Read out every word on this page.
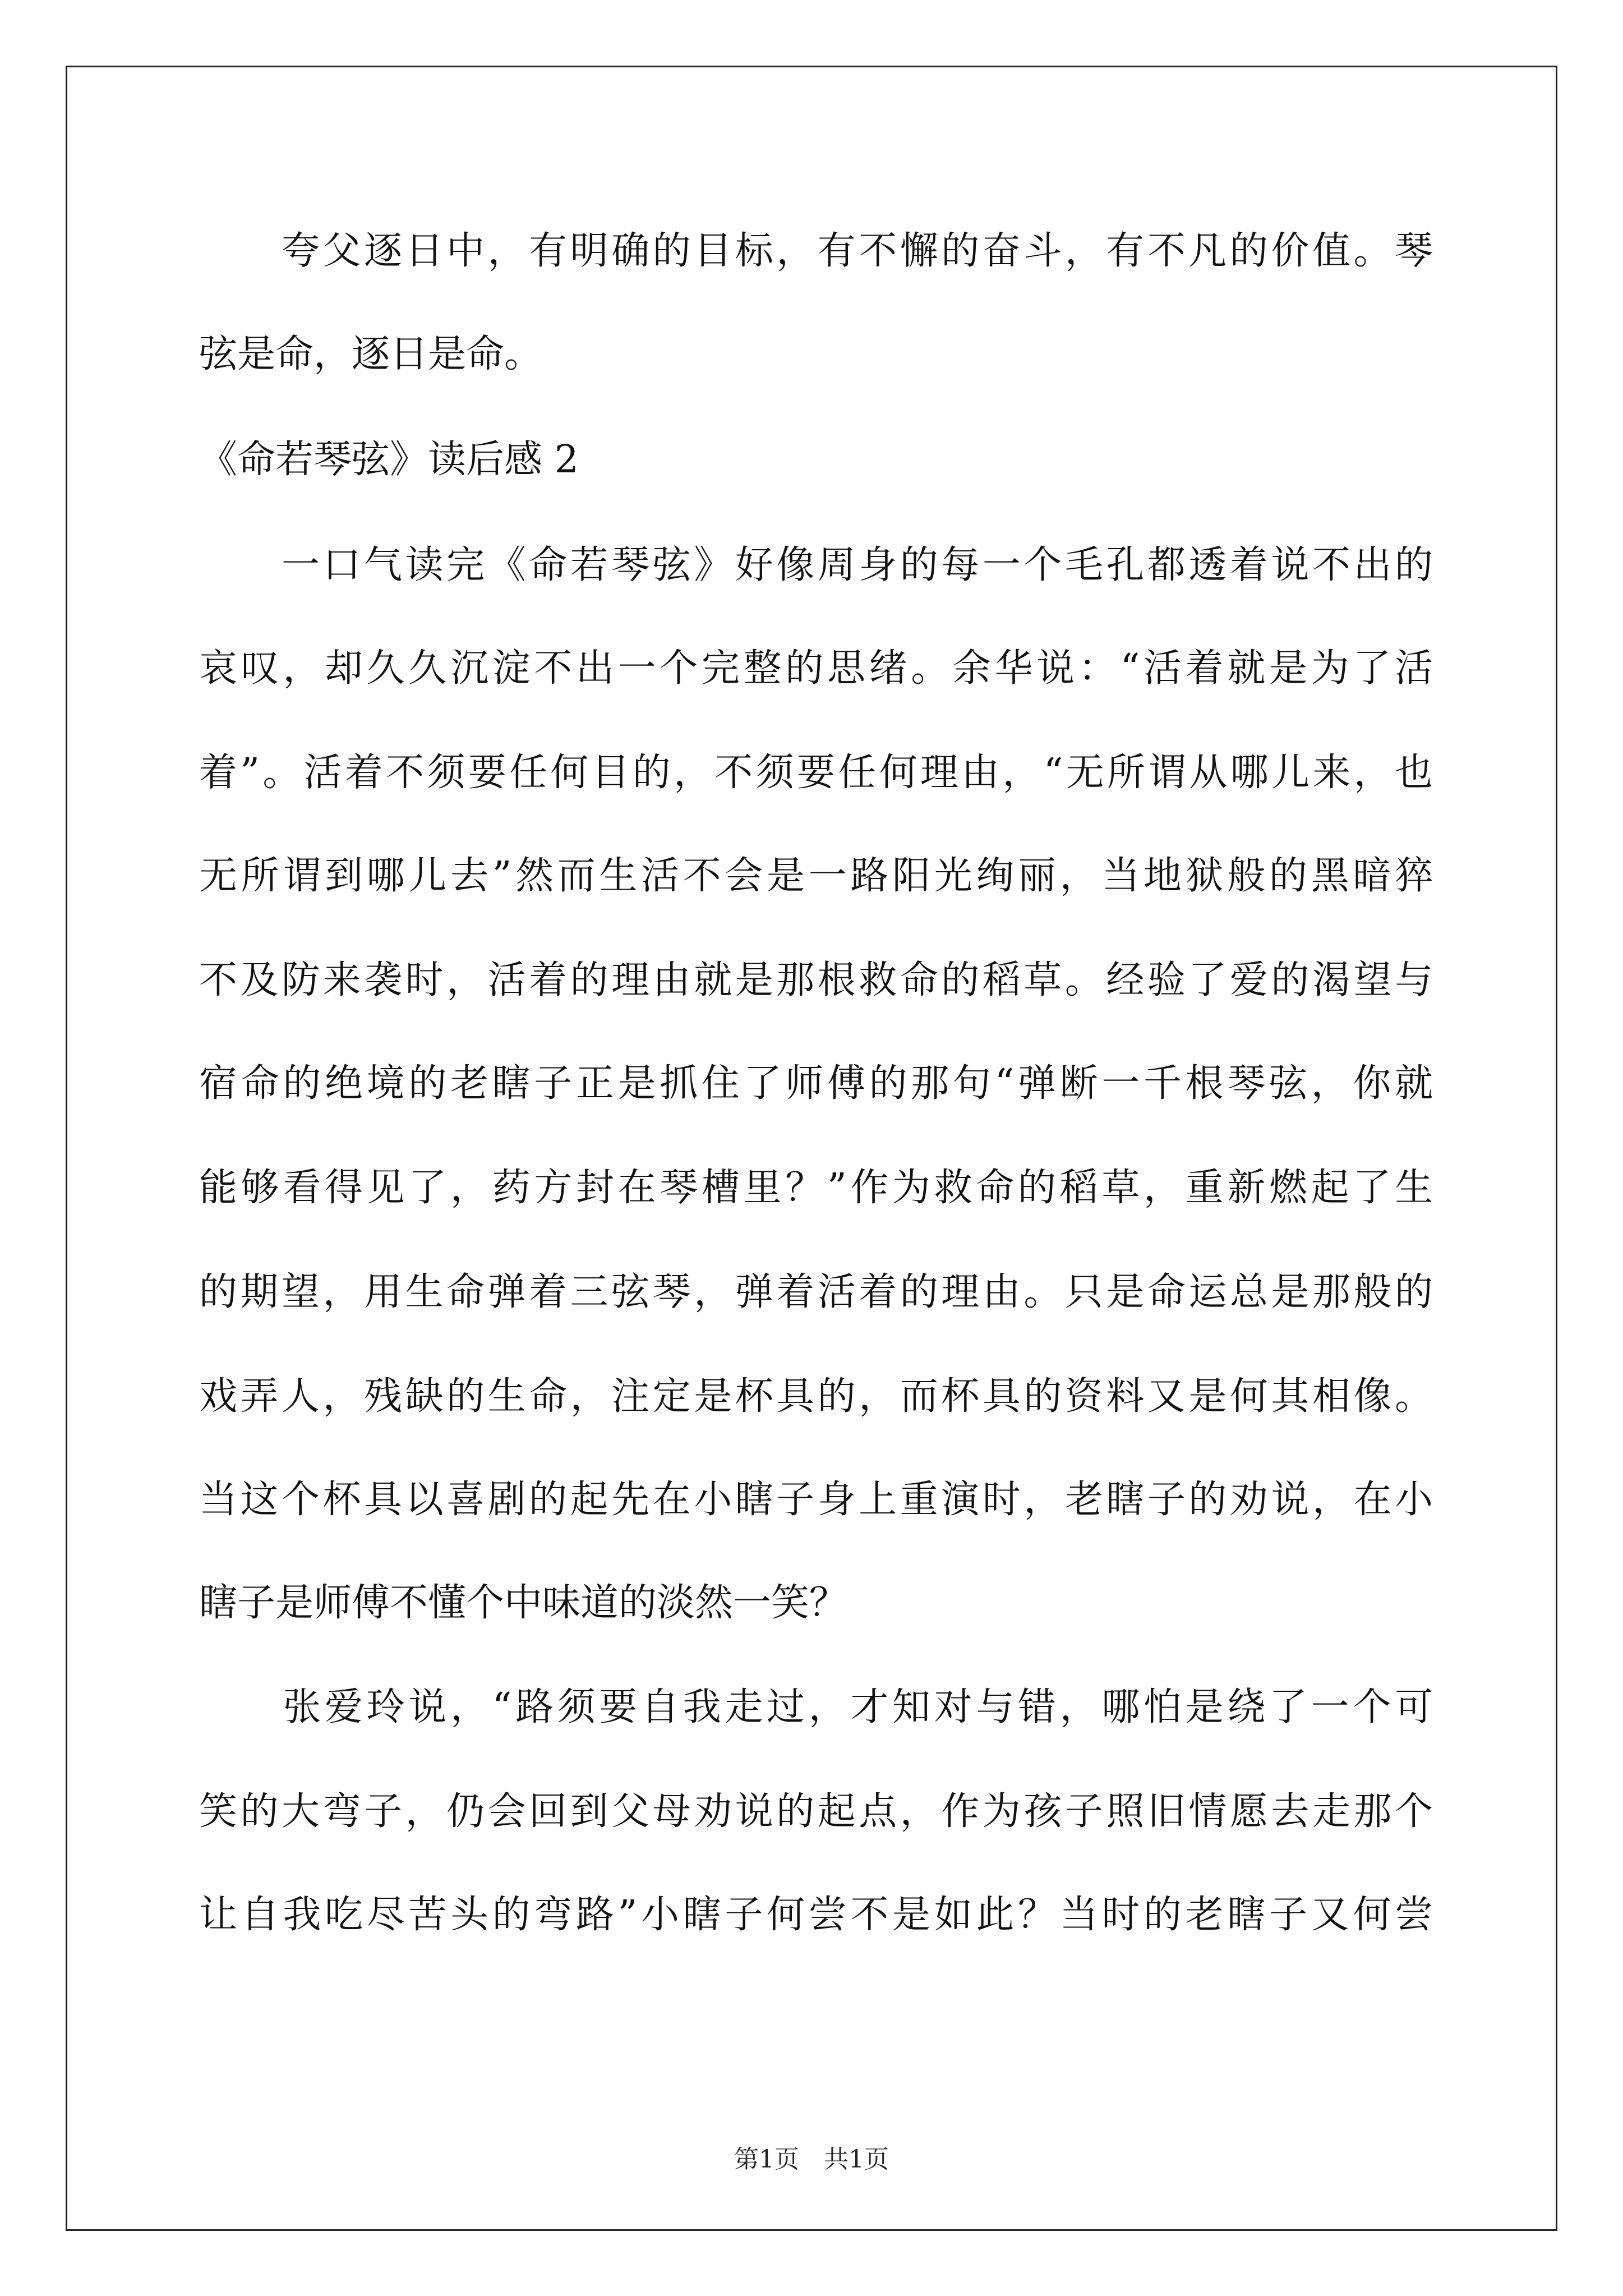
　　夸父逐日中，有明确的目标，有不懈的奋斗，有不凡的价值。琴
弦是命，逐日是命。
《命若琴弦》读后感 2
　　一口气读完《命若琴弦》好像周身的每一个毛孔都透着说不出的
哀叹，却久久沉淀不出一个完整的思绪。余华说：“活着就是为了活
着”。活着不须要任何目的，不须要任何理由，“无所谓从哪儿来，也
无所谓到哪儿去”然而生活不会是一路阳光绚丽，当地狱般的黑暗猝
不及防来袭时，活着的理由就是那根救命的稻草。经验了爱的渴望与
宿命的绝境的老瞎子正是抓住了师傅的那句“弹断一千根琴弦，你就
能够看得见了，药方封在琴槽里？”作为救命的稻草，重新燃起了生
的期望，用生命弹着三弦琴，弹着活着的理由。只是命运总是那般的
戏弄人，残缺的生命，注定是杯具的，而杯具的资料又是何其相像。
当这个杯具以喜剧的起先在小瞎子身上重演时，老瞎子的劝说，在小
瞎子是师傅不懂个中味道的淡然一笑？
　　张爱玲说，“路须要自我走过，才知对与错，哪怕是绕了一个可
笑的大弯子，仍会回到父母劝说的起点，作为孩子照旧情愿去走那个
让自我吃尽苦头的弯路”小瞎子何尝不是如此？当时的老瞎子又何尝
第1页　共1页
